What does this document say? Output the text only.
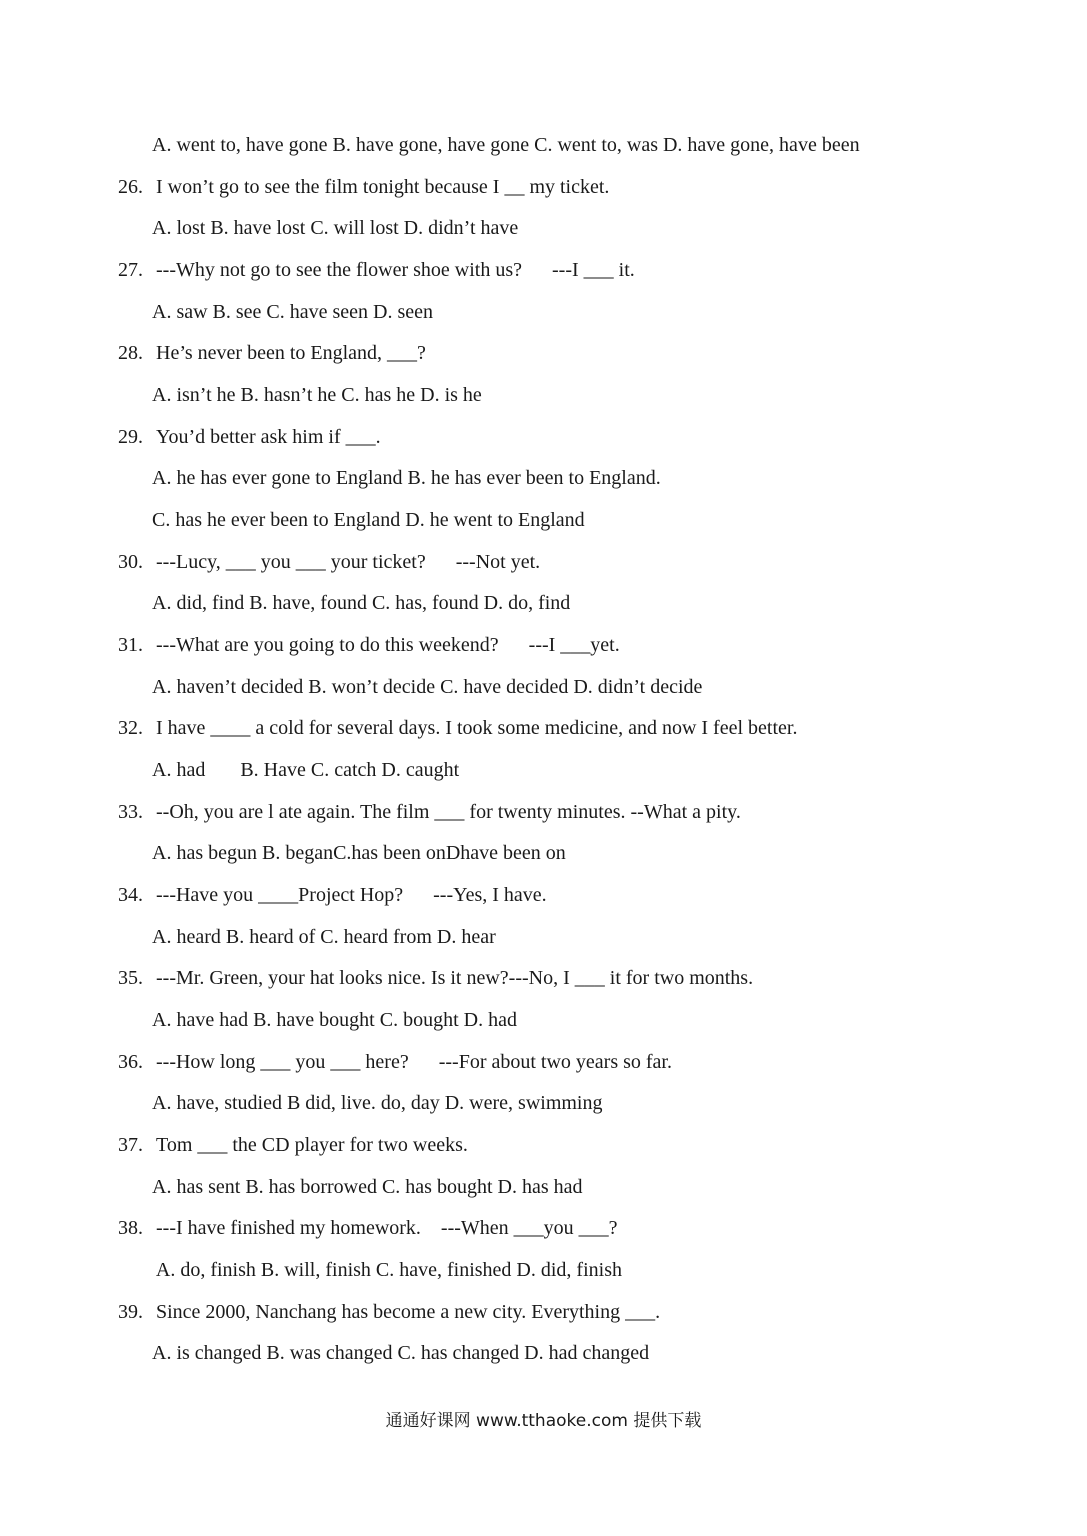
A. went to, have gone B. have gone, have gone C. went to, was D. have gone, have been
26. I won’t go to see the film tonight because I __ my ticket.
A. lost B. have lost C. will lost D. didn’t have
27. ---Why not go to see the flower shoe with us?      ---I ___ it.
A. saw B. see C. have seen D. seen
28. He’s never been to England, ___?
A. isn’t he B. hasn’t he C. has he D. is he
29. You’d better ask him if ___.
A. he has ever gone to England B. he has ever been to England.
C. has he ever been to England D. he went to England
30. ---Lucy, ___ you ___ your ticket?      ---Not yet.
A. did, find B. have, found C. has, found D. do, find
31. ---What are you going to do this weekend?      ---I ___yet.
A. haven’t decided B. won’t decide C. have decided D. didn’t decide
32. I have ____ a cold for several days. I took some medicine, and now I feel better.
A. had       B. Have C. catch D. caught
33. --Oh, you are l ate again. The film ___ for twenty minutes. --What a pity.
A. has begun B. beganC.has been onDhave been on
34. ---Have you ____Project Hop?      ---Yes, I have.
A. heard B. heard of C. heard from D. hear
35. ---Mr. Green, your hat looks nice. Is it new?---No, I ___ it for two months.
A. have had B. have bought C. bought D. had
36. ---How long ___ you ___ here?      ---For about two years so far.
A. have, studied B did, live. do, day D. were, swimming
37. Tom ___ the CD player for two weeks.
A. has sent B. has borrowed C. has bought D. has had
38. ---I have finished my homework.    ---When ___you ___?
A. do, finish B. will, finish C. have, finished D. did, finish
39. Since 2000, Nanchang has become a new city. Everything ___.
A. is changed B. was changed C. has changed D. had changed
通通好课网 www.tthaoke.com 提供下载
